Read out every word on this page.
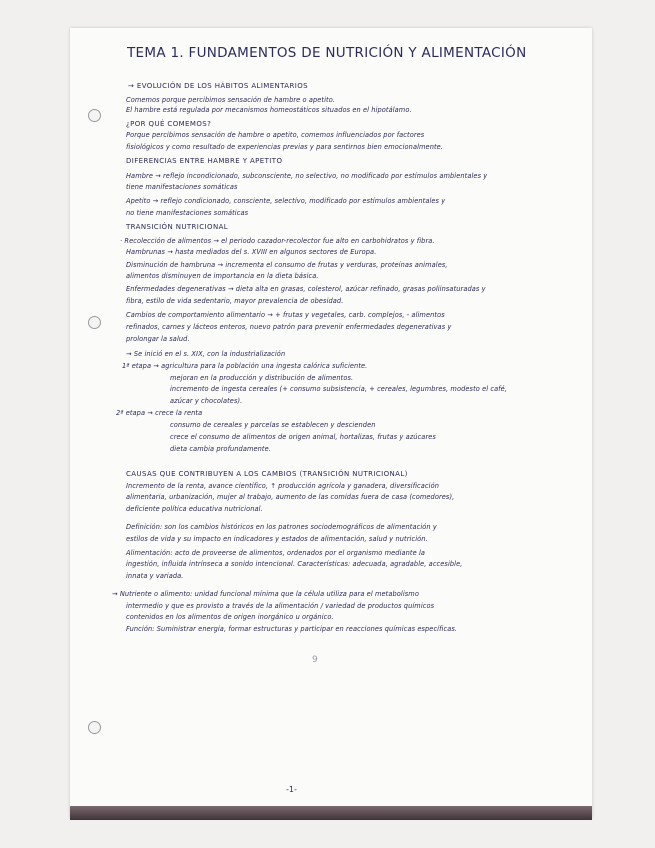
TEMA 1. FUNDAMENTOS DE NUTRICIÓN Y ALIMENTACIÓN
→ EVOLUCIÓN DE LOS HÁBITOS ALIMENTARIOS
Comemos porque percibimos sensación de hambre o apetito.
El hambre está regulada por mecanismos homeostáticos situados en el hipotálamo.
¿POR QUÉ COMEMOS?
Porque percibimos sensación de hambre o apetito, comemos influenciados por factores
fisiológicos y como resultado de experiencias previas y para sentirnos bien emocionalmente.
DIFERENCIAS ENTRE HAMBRE Y APETITO
Hambre → reflejo incondicionado, subconsciente, no selectivo, no modificado por estímulos ambientales y
tiene manifestaciones somáticas
Apetito → reflejo condicionado, consciente, selectivo, modificado por estímulos ambientales y
no tiene manifestaciones somáticas
TRANSICIÓN NUTRICIONAL
· Recolección de alimentos → el periodo cazador-recolector fue alto en carbohidratos y fibra.
Hambrunas → hasta mediados del s. XVIII en algunos sectores de Europa.
Disminución de hambruna → incrementa el consumo de frutas y verduras, proteínas animales,
alimentos disminuyen de importancia en la dieta básica.
Enfermedades degenerativas → dieta alta en grasas, colesterol, azúcar refinado, grasas poliinsaturadas y
fibra, estilo de vida sedentario, mayor prevalencia de obesidad.
Cambios de comportamiento alimentario → + frutas y vegetales, carb. complejos, - alimentos
refinados, carnes y lácteos enteros, nuevo patrón para prevenir enfermedades degenerativas y
prolongar la salud.
→ Se inició en el s. XIX, con la industrialización
1ª etapa → agricultura para la población una ingesta calórica suficiente.
mejoran en la producción y distribución de alimentos.
incremento de ingesta cereales (+ consumo subsistencia, + cereales, legumbres, modesto el café,
azúcar y chocolates).
2ª etapa → crece la renta
consumo de cereales y parcelas se establecen y descienden
crece el consumo de alimentos de origen animal, hortalizas, frutas y azúcares
dieta cambia profundamente.
CAUSAS QUE CONTRIBUYEN A LOS CAMBIOS (TRANSICIÓN NUTRICIONAL)
Incremento de la renta, avance científico, ↑ producción agrícola y ganadera, diversificación
alimentaria, urbanización, mujer al trabajo, aumento de las comidas fuera de casa (comedores),
deficiente política educativa nutricional.
Definición: son los cambios históricos en los patrones sociodemográficos de alimentación y
estilos de vida y su impacto en indicadores y estados de alimentación, salud y nutrición.
Alimentación: acto de proveerse de alimentos, ordenados por el organismo mediante la
ingestión, influida intrínseca a sonido intencional. Características: adecuada, agradable, accesible,
innata y variada.
→ Nutriente o alimento: unidad funcional mínima que la célula utiliza para el metabolismo
intermedio y que es provisto a través de la alimentación / variedad de productos químicos
contenidos en los alimentos de origen inorgánico u orgánico.
Función: Suministrar energía, formar estructuras y participar en reacciones químicas específicas.
9
-1-
